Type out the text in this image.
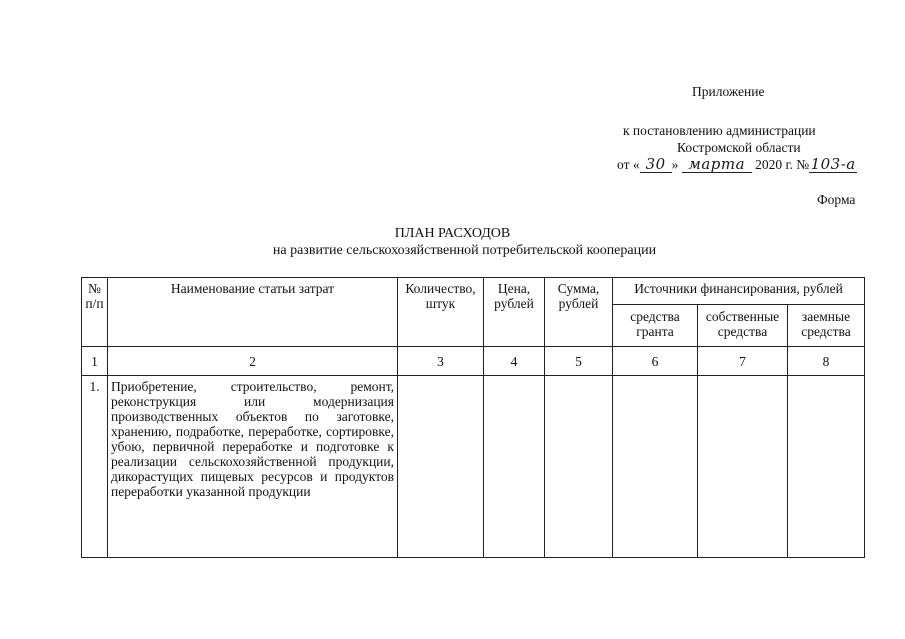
Приложение
к постановлению администрации
Костромской области
от « 30 » марта 2020 г. №103-а
Форма
ПЛАН РАСХОДОВ
на развитие сельскохозяйственной потребительской кооперации
№ п/п	Наименование статьи затрат	Количество, штук	Цена, рублей	Сумма, рублей	Источники финансирования, рублей		
					средства гранта	собственные средства	заемные средства
1	2	3	4	5	6	7	8
1.	Приобретение, строительство, ремонт, реконструкция или модернизация производственных объектов по заготовке, хранению, подработке, переработке, сортировке, убою, первичной переработке и подготовке к реализации сельскохозяйственной продукции, дикорастущих пищевых ресурсов и продуктов переработки указанной продукции						
